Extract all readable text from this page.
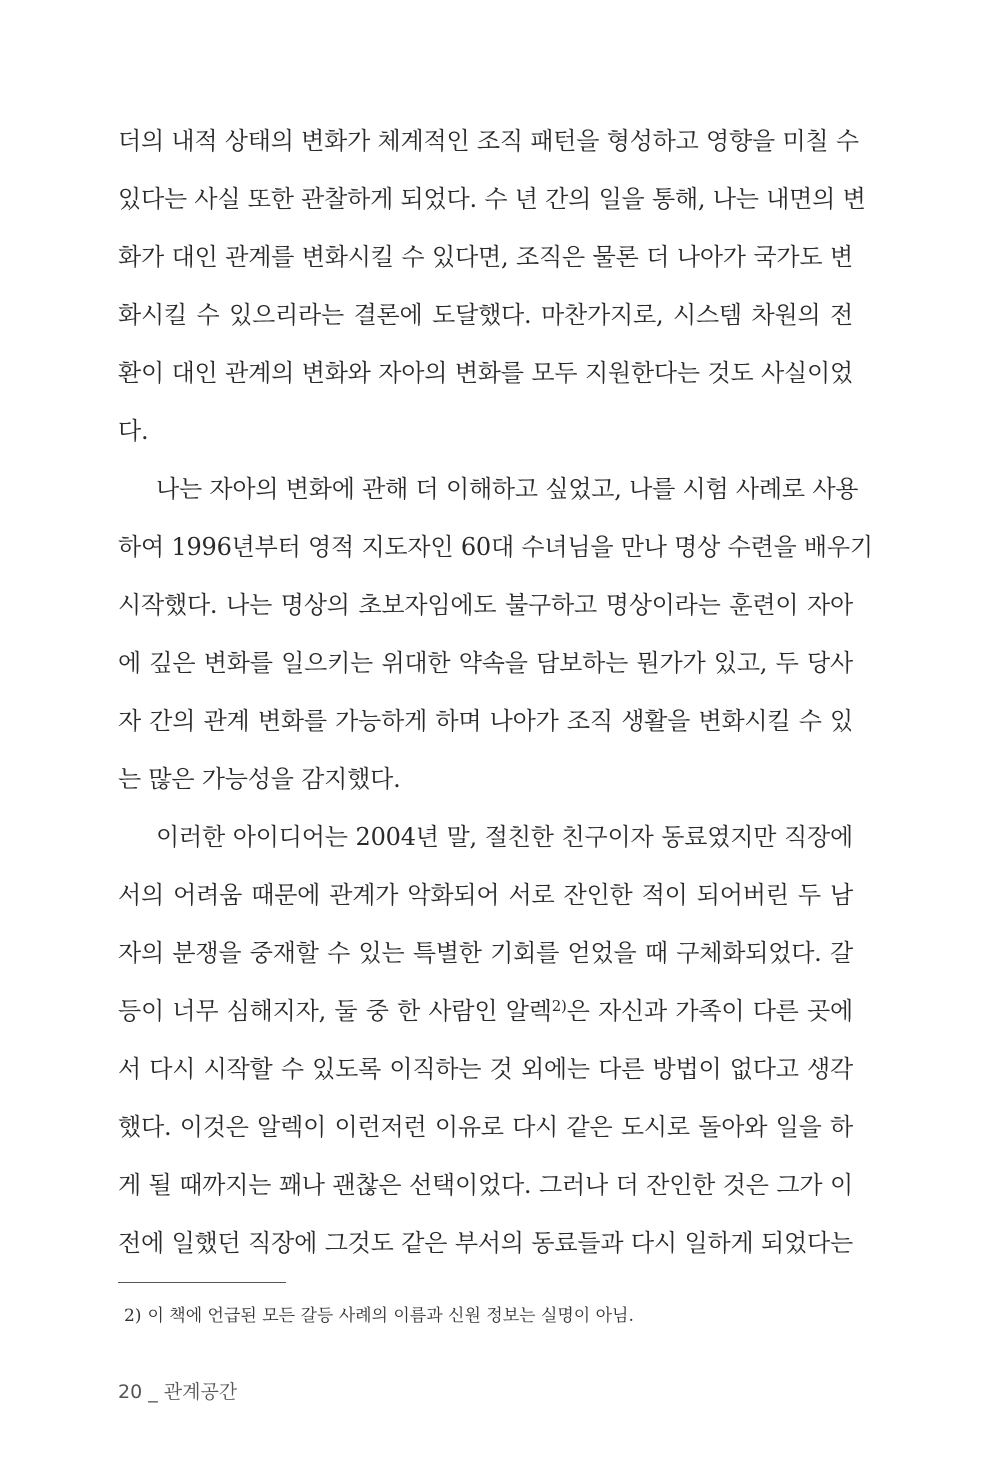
더의 내적 상태의 변화가 체계적인 조직 패턴을 형성하고 영향을 미칠 수
있다는 사실 또한 관찰하게 되었다. 수 년 간의 일을 통해, 나는 내면의 변
화가 대인 관계를 변화시킬 수 있다면, 조직은 물론 더 나아가 국가도 변
화시킬 수 있으리라는 결론에 도달했다. 마찬가지로, 시스템 차원의 전
환이 대인 관계의 변화와 자아의 변화를 모두 지원한다는 것도 사실이었
다.
나는 자아의 변화에 관해 더 이해하고 싶었고, 나를 시험 사례로 사용
하여 1996년부터 영적 지도자인 60대 수녀님을 만나 명상 수련을 배우기
시작했다. 나는 명상의 초보자임에도 불구하고 명상이라는 훈련이 자아
에 깊은 변화를 일으키는 위대한 약속을 담보하는 뭔가가 있고, 두 당사
자 간의 관계 변화를 가능하게 하며 나아가 조직 생활을 변화시킬 수 있
는 많은 가능성을 감지했다.
이러한 아이디어는 2004년 말, 절친한 친구이자 동료였지만 직장에
서의 어려움 때문에 관계가 악화되어 서로 잔인한 적이 되어버린 두 남
자의 분쟁을 중재할 수 있는 특별한 기회를 얻었을 때 구체화되었다. 갈
등이 너무 심해지자, 둘 중 한 사람인 알렉$^{2)}$은 자신과 가족이 다른 곳에
서 다시 시작할 수 있도록 이직하는 것 외에는 다른 방법이 없다고 생각
했다. 이것은 알렉이 이런저런 이유로 다시 같은 도시로 돌아와 일을 하
게 될 때까지는 꽤나 괜찮은 선택이었다. 그러나 더 잔인한 것은 그가 이
전에 일했던 직장에 그것도 같은 부서의 동료들과 다시 일하게 되었다는
2) 이 책에 언급된 모든 갈등 사례의 이름과 신원 정보는 실명이 아님.
20 _ 관계공간
